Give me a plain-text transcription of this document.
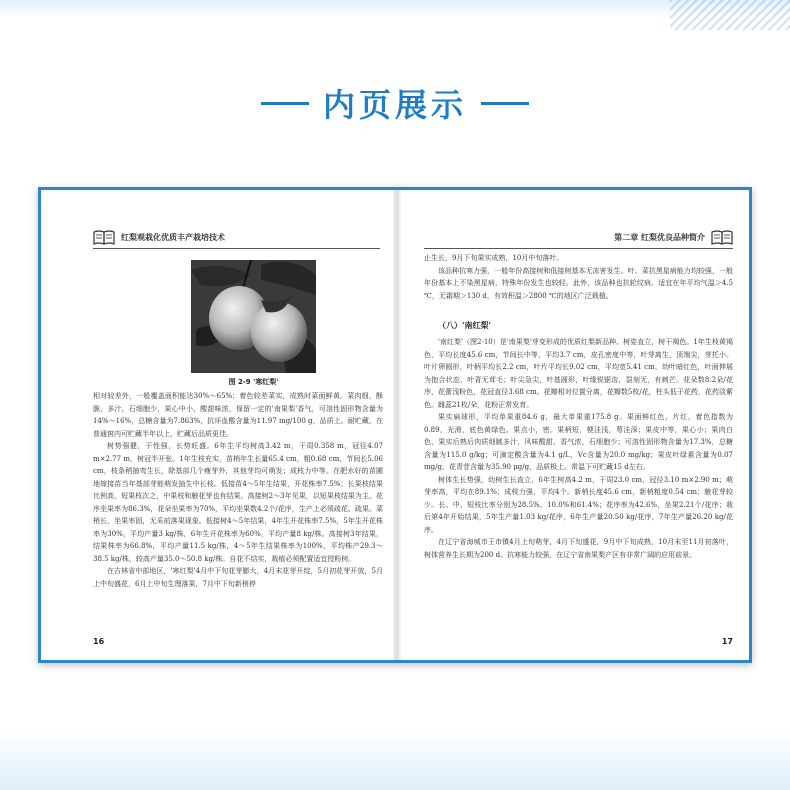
内页展示
红梨观栽化优质丰产栽培技术
图 2-9 '寒红梨'

相对较差外，一般覆盖面积能达30%～65%；着色较差菜实，成熟时菜面鲜黄。菜肉细，酥脆、多汁，石细胞少，果心中小，酸甜味浓，保留一定的'南果梨'香气，可溶性固形物含量为14%～16%，总糖含量为7.863%，抗坏血酸含量为11.97 mg/100 g，品质上。耐贮藏，在普通窖内可贮藏半年以上，贮藏后品质更佳。

树势强健，干性强，长势旺盛。6年生平均树高3.42 m，干周0.358 m，冠径4.07 m×2.77 m，树冠半开张。1年生枝充实，苗梢年生长量65.4 cm，粗0.68 cm，节间长5.06 cm，枝条稍抽弯生长，除基部几个瘦芽外，其他芽均可萌发；成枝力中等。在肥水好的苗圃地嫁接苗当年基部芽能萌发抽生中长枝。低接苗4～5年生结果，开花株率7.5%；长果枝结果比例高，短果枝次之，中果枝和腋花芽也有结果。高接树2～3年见果，以短果枝结果为主。花序坐果率为86.3%，花朵坐果率为70%，平均坐果数4.2个/花序，生产上必须疏花、疏果。菜梢长，坐果率固，无采前落果现象。低接树4～5年结果，4年生开花株率7.5%，5年生开花株率为30%，平均产量3 kg/株，6年生开花株率为60%，平均产量8 kg/株。高接树3年结果，结果株率为66.8%，平均产量11.5 kg/株，4～5年生结果株率为100%，平均株产29.3～38.5 kg/株，较高产量35.0～50.8 kg/株。自花不结实，栽植必须配置适宜授粉树。

在吉林省中部地区，'寒红梨'4月中下旬花芽膨大，4月末花芽开绽，5月初花芽开放，5月上中旬盛花，6月上中旬生理落果，7月中下旬新梢停

16
第二章 红梨优良品种简介

止生长，9月下旬果实成熟，10月中旬落叶。

该品种抗寒力强，一般年份高接树和低接树基本无冻害发生。叶、菜抗黑星病能力均较强，一般年份基本上不染黑星病，特殊年份发生也较轻。此外，该品种也抗轮纹病。适宜在年平均气温＞4.5 ℃，无霜期＞130 d，有效积温＞2800 ℃的地区广泛栽植。

（八）'南红梨'

'南红梨'（图2-10）是'南果梨'芽变形成的优质红梨新品种。树姿直立，树干褐色。1年生枝黄褐色，平均长度45.6 cm，节间长中等，平均3.7 cm，皮孔密度中等，叶芽离生，顶端尖，芽托小。叶片卵圆形，叶柄平均长2.2 cm，叶片平均长9.02 cm，平均宽5.41 cm，幼叶暗红色，叶面伸展为抱合状态，叶背无茸毛；叶尖急尖，叶基圆形，叶缘锐锯齿，裂刻无，有刺芒。花朵数8.2朵/花序，花蕾浅粉色，花冠直径3.68 cm。花瓣相对位置分离，花瓣数5枚/花，柱头低于花药，花药淡紫色。雌蕊21枚/朵，花粉正常发育。

果实扁球形，平均单果重84.6 g，最大单果重175.8 g。果面鲜红色，片红，着色指数为0.89，光滑，底色黄绿色。果点小，密。果柄短，梗洼浅，萼洼深；果皮中等，果心小；果肉白色，果实后熟后肉质细腻多汁，风味酸甜，香气浓，石细胞少；可溶性固形物含量为17.3%，总糖含量为115.0 g/kg；可滴定酸含量为4.1 g/L，Vc含量为20.0 mg/kg；果皮叶绿素含量为0.07 mg/g，花青苷含量为35.90 μg/g，品质极上。常温下可贮藏15 d左右。

树体生长势强，幼树生长直立，6年生树高4.2 m，干周23.0 cm，冠径3.10 m×2.90 m；萌芽率高，平均在89.1%；成枝力强，平均4个。新梢长度45.6 cm，新梢粗度0.54 cm；腋花芽较少。长、中、短枝比率分别为28.5%、10.0%和61.4%；花序率为42.6%，坐果2.21个/花序；栽后第4年开始结果，5年生产量1.03 kg/花序，6年生产量20.50 kg/花序，7年生产量26.20 kg/花序。

在辽宁省海城市王市镇4月上旬萌芽，4月下旬盛花，9月中下旬成熟，10月末至11月初落叶，树体营养生长期为200 d。抗寒能力较强，在辽宁省南果梨产区有非常广阔的应用前景。

17
